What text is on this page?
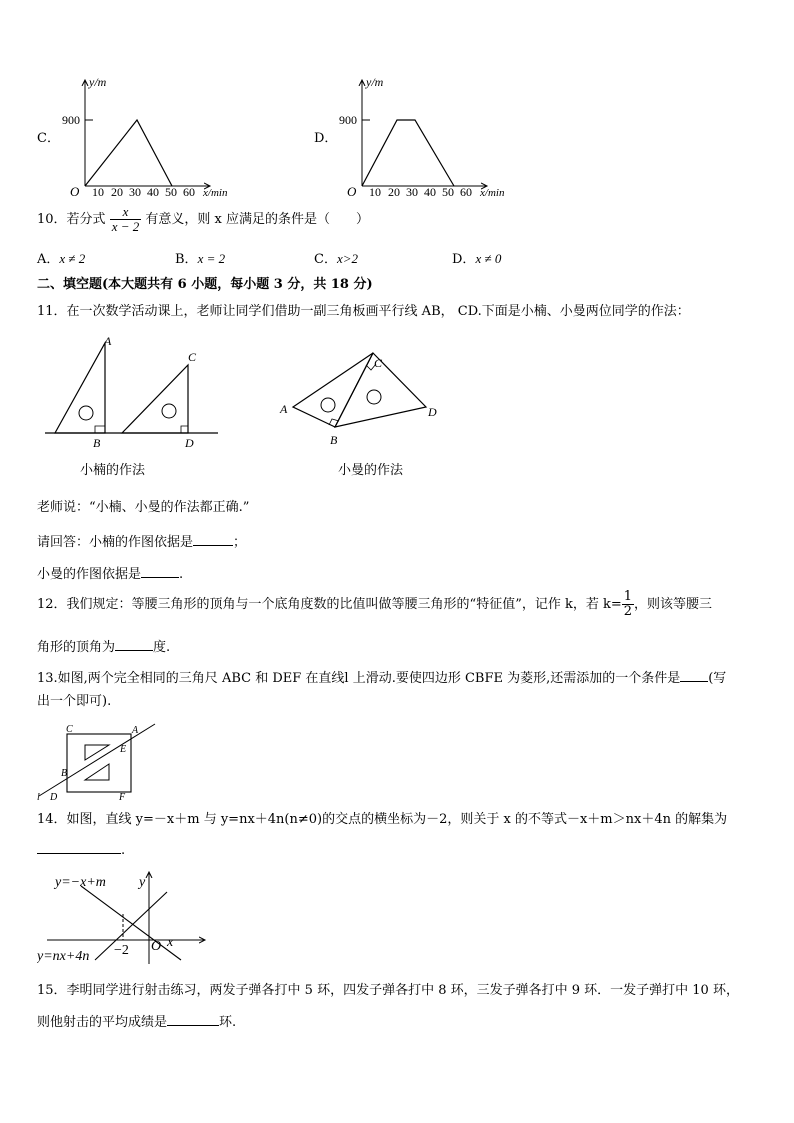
C．
y/m
900
O 10 20 30 40 50 60 x/min
D．
y/m
900
O 10 20 30 40 50 60 x/min
10．若分式 $\frac{x}{x - 2}$ 有意义，则 x 应满足的条件是（　　）
A．x ≠ 2	B．x = 2	C．x>2	D．x ≠ 0
二、填空题(本大题共有 6 小题，每小题 3 分，共 18 分)
11．在一次数学活动课上，老师让同学们借助一副三角板画平行线 AB， CD.下面是小楠、小曼两位同学的作法：
A
B
C
D
A
B
C
D
小楠的作法	小曼的作法
老师说：“小楠、小曼的作法都正确.”
请回答：小楠的作图依据是	；
小曼的作图依据是	.
12．我们规定：等腰三角形的顶角与一个底角度数的比值叫做等腰三角形的“特征值”，记作 k，若 $k= \frac{1}{2}$ ，则该等腰三
角形的顶角为	度.
13.如图,两个完全相同的三角尺 ABC 和 DEF 在直线l 上滑动.要使四边形 CBFE 为菱形,还需添加的一个条件是 (写
出一个即可).
C	A
E
B
l D	F
14．如图，直线 y=－x＋m 与 y=nx＋4n(n≠0)的交点的横坐标为－2，则关于 x 的不等式－x＋m＞nx＋4n 的解集为
.
y=−x+m
y=nx+4n
y
x
O
−2
15．李明同学进行射击练习，两发子弹各打中 5 环，四发子弹各打中 8 环，三发子弹各打中 9 环．一发子弹打中 10 环，
则他射击的平均成绩是	环.
